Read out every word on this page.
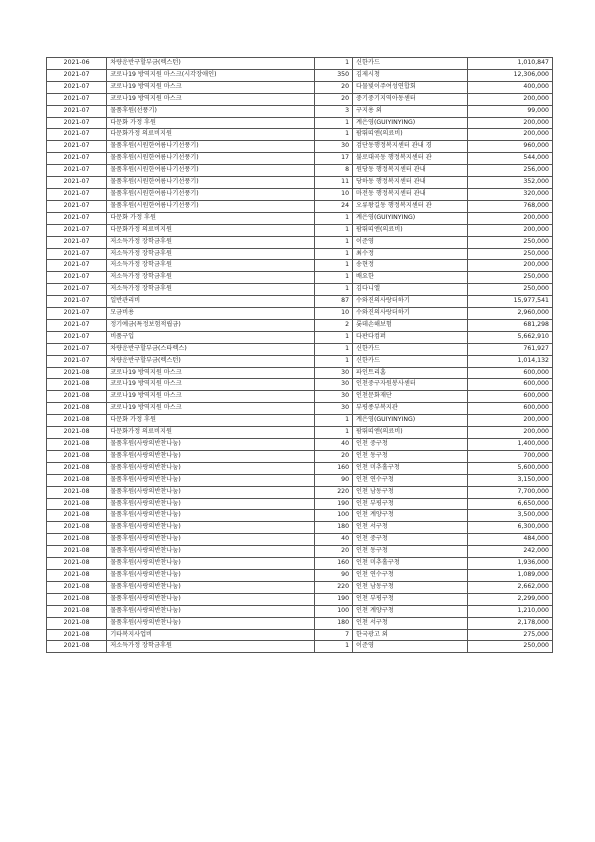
2021-06	차량운반구할부금(렉스턴)	1	신한카드	1,010,847
2021-07	코로나19 방역지원 마스크(시각장애인)	350	김제시청	12,306,000
2021-07	코로나19 방역지원 마스크	20	다물빛이주여성연합회	400,000
2021-07	코로나19 방역지원 마스크	20	중기중기지역아동센터	200,000
2021-07	물품후원(선풍기)	3	구지용 외	99,000
2021-07	다문화 가정 후원	1	계은영(GUIYINYING)	200,000
2021-07	다문화가정 의료비지원	1	팜뛰띠엔(의료비)	200,000
2021-07	물품후원(시원한여름나기선풍기)	30	검단동행정복지센터 관내 경	960,000
2021-07	물품후원(시원한여름나기선풍기)	17	불로대곡동 행정복지센터 관	544,000
2021-07	물품후원(시원한여름나기선풍기)	8	원당동 행정복지센터 관내	256,000
2021-07	물품후원(시원한여름나기선풍기)	11	당하동 행정복지센터 관내	352,000
2021-07	물품후원(시원한여름나기선풍기)	10	마전동 행정복지센터 관내	320,000
2021-07	물품후원(시원한여름나기선풍기)	24	오류왕길동 행정복지센터 관	768,000
2021-07	다문화 가정 후원	1	계은영(GUIYINYING)	200,000
2021-07	다문화가정 의료비지원	1	팜뛰띠엔(의료비)	200,000
2021-07	저소득가정 장학금후원	1	이준영	250,000
2021-07	저소득가정 장학금후원	1	최수정	250,000
2021-07	저소득가정 장학금후원	1	송현정	200,000
2021-07	저소득가정 장학금후원	1	배요한	250,000
2021-07	저소득가정 장학금후원	1	김다니엘	250,000
2021-07	일반관리비	87	수와진의사랑더하기	15,977,541
2021-07	모금비용	10	수와진의사랑더하기	2,960,000
2021-07	정기예금(특정보험적립금)	2	롯데손해보험	681,298
2021-07	비품구입	1	다판다컴퍼	5,662,910
2021-07	차량운반구할부금(스타렉스)	1	신한카드	761,927
2021-07	차량운반구할부금(렉스턴)	1	신한카드	1,014,132
2021-08	코로나19 방역지원 마스크	30	파인트리홈	600,000
2021-08	코로나19 방역지원 마스크	30	인천중구자원봉사센터	600,000
2021-08	코로나19 방역지원 마스크	30	인천문화재단	600,000
2021-08	코로나19 방역지원 마스크	30	부평종부복지관	600,000
2021-08	다문화 가정 후원	1	계은영(GUIYINYING)	200,000
2021-08	다문화가정 의료비지원	1	팜뛰띠엔(의료비)	200,000
2021-08	물품후원(사랑의반찬나눔)	40	인천 중구청	1,400,000
2021-08	물품후원(사랑의반찬나눔)	20	인천 동구청	700,000
2021-08	물품후원(사랑의반찬나눔)	160	인천 미추홀구청	5,600,000
2021-08	물품후원(사랑의반찬나눔)	90	인천 연수구청	3,150,000
2021-08	물품후원(사랑의반찬나눔)	220	인천 남동구청	7,700,000
2021-08	물품후원(사랑의반찬나눔)	190	인천 부평구청	6,650,000
2021-08	물품후원(사랑의반찬나눔)	100	인천 계양구청	3,500,000
2021-08	물품후원(사랑의반찬나눔)	180	인천 서구청	6,300,000
2021-08	물품후원(사랑의반찬나눔)	40	인천 중구청	484,000
2021-08	물품후원(사랑의반찬나눔)	20	인천 동구청	242,000
2021-08	물품후원(사랑의반찬나눔)	160	인천 미추홀구청	1,936,000
2021-08	물품후원(사랑의반찬나눔)	90	인천 연수구청	1,089,000
2021-08	물품후원(사랑의반찬나눔)	220	인천 남동구청	2,662,000
2021-08	물품후원(사랑의반찬나눔)	190	인천 부평구청	2,299,000
2021-08	물품후원(사랑의반찬나눔)	100	인천 계양구청	1,210,000
2021-08	물품후원(사랑의반찬나눔)	180	인천 서구청	2,178,000
2021-08	기타복지사업비	7	한국광고 외	275,000
2021-08	저소득가정 장학금후원	1	이준영	250,000
